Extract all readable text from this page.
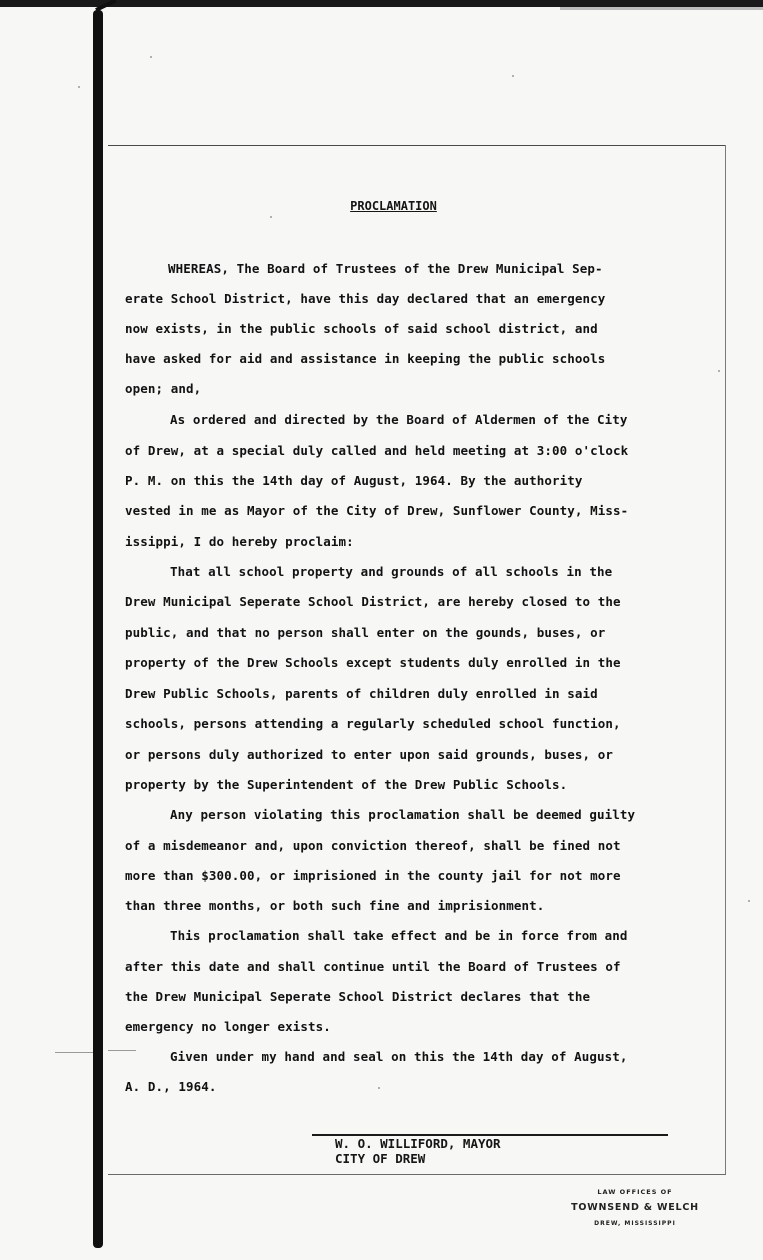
PROCLAMATION
WHEREAS, The Board of Trustees of the Drew Municipal Sep-
erate School District, have this day declared that an emergency
now exists, in the public schools of said school district, and
have asked for aid and assistance in keeping the public schools
open; and,
As ordered and directed by the Board of Aldermen of the City
of Drew, at a special duly called and held meeting at 3:00 o'clock
P. M. on this the 14th day of August, 1964. By the authority
vested in me as Mayor of the City of Drew, Sunflower County, Miss-
issippi, I do hereby proclaim:
That all school property and grounds of all schools in the
Drew Municipal Seperate School District, are hereby closed to the
public, and that no person shall enter on the gounds, buses, or
property of the Drew Schools except students duly enrolled in the
Drew Public Schools, parents of children duly enrolled in said
schools, persons attending a regularly scheduled school function,
or persons duly authorized to enter upon said grounds, buses, or
property by the Superintendent of the Drew Public Schools.
Any person violating this proclamation shall be deemed guilty
of a misdemeanor and, upon conviction thereof, shall be fined not
more than $300.00, or imprisioned in the county jail for not more
than three months, or both such fine and imprisionment.
This proclamation shall take effect and be in force from and
after this date and shall continue until the Board of Trustees of
the Drew Municipal Seperate School District declares that the
emergency no longer exists.
Given under my hand and seal on this the 14th day of August,
A. D., 1964.
W. O. WILLIFORD, MAYOR
CITY OF DREW
LAW OFFICES OF
TOWNSEND & WELCH
DREW, MISSISSIPPI
